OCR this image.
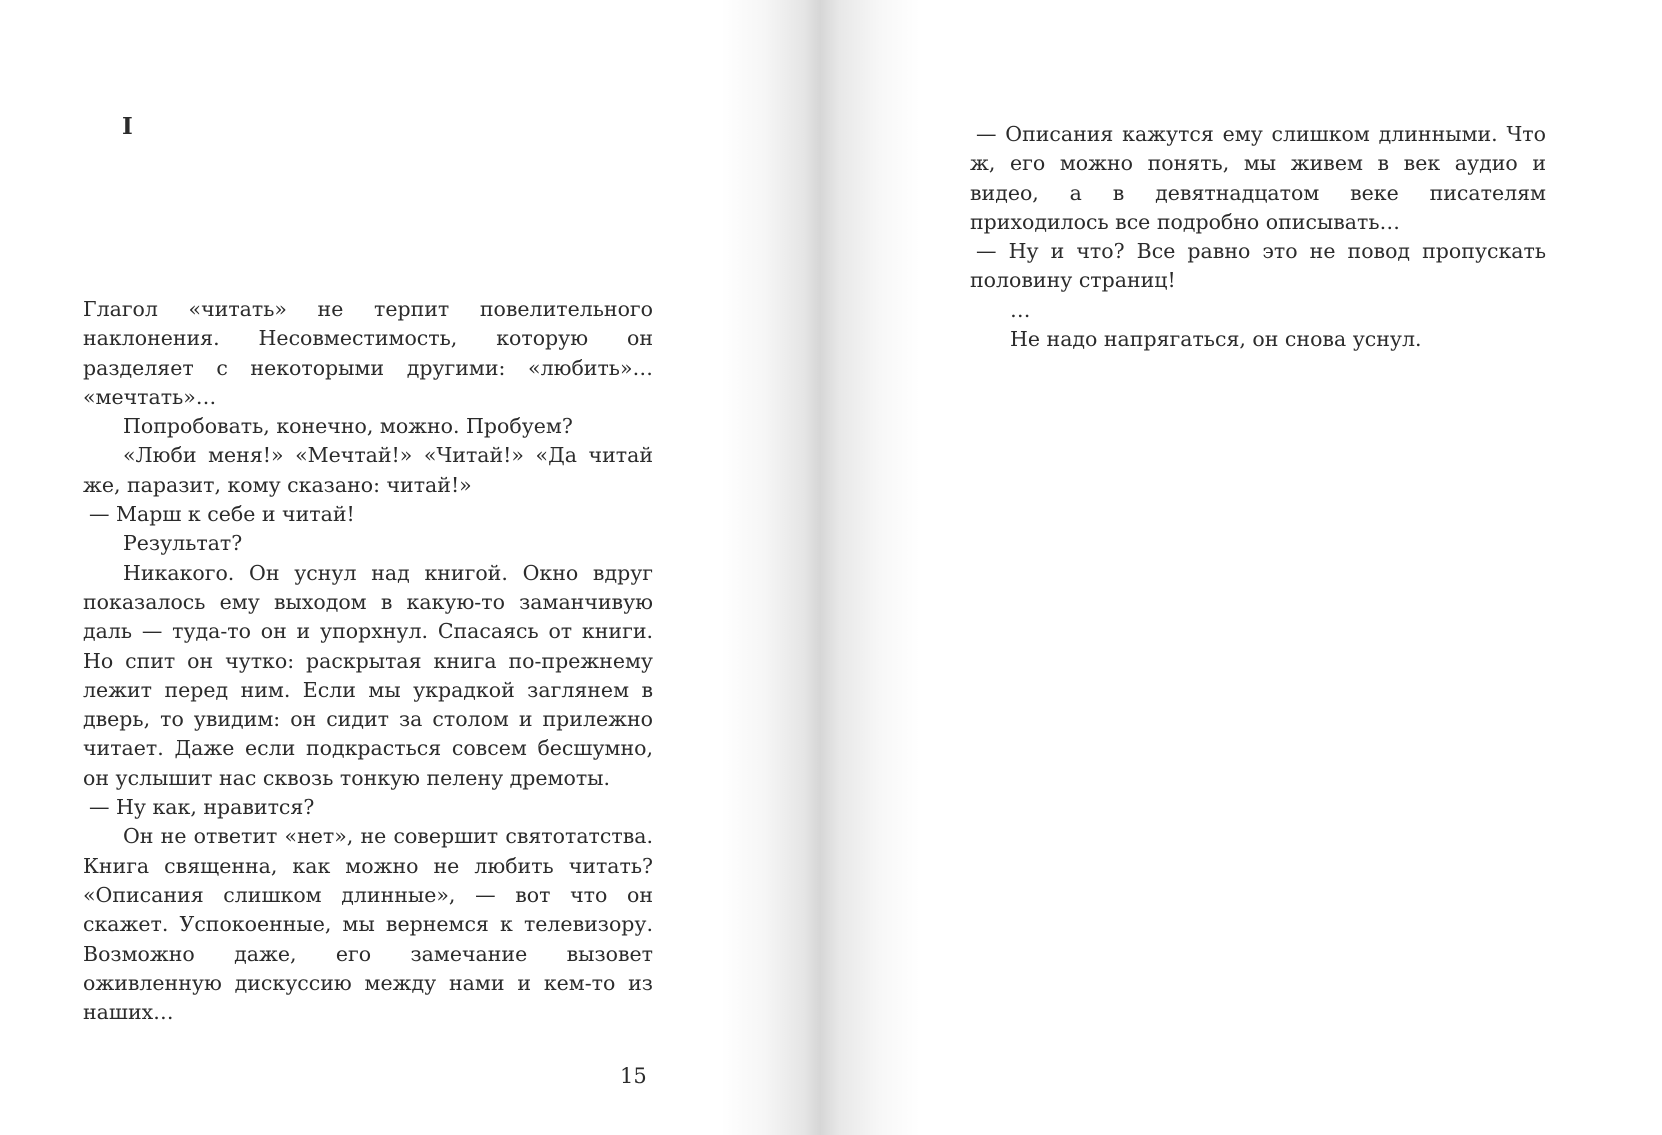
I

Глагол «читать» не терпит повелительного наклонения. Несовместимость, которую он разделяет с некоторыми другими: «любить»… «мечтать»…

Попробовать, конечно, можно. Пробуем?

«Люби меня!» «Мечтай!» «Читай!» «Да читай же, паразит, кому сказано: читай!»

— Марш к себе и читай!

Результат?

Никакого. Он уснул над книгой. Окно вдруг показалось ему выходом в какую-то заманчивую даль — туда-то он и упорхнул. Спасаясь от книги. Но спит он чутко: раскрытая книга по-прежнему лежит перед ним. Если мы украдкой заглянем в дверь, то увидим: он сидит за столом и прилежно читает. Даже если подкрасться совсем бесшумно, он услышит нас сквозь тонкую пелену дремоты.

— Ну как, нравится?

Он не ответит «нет», не совершит святотатства. Книга священна, как можно не любить читать? «Описания слишком длинные», — вот что он скажет. Успокоенные, мы вернемся к телевизору. Возможно даже, его замечание вызовет оживленную дискуссию между нами и кем-то из наших…

15

— Описания кажутся ему слишком длинными. Что ж, его можно понять, мы живем в век аудио и видео, а в девятнадцатом веке писателям приходилось все подробно описывать…

— Ну и что? Все равно это не повод пропускать половину страниц!

…

Не надо напрягаться, он снова уснул.
